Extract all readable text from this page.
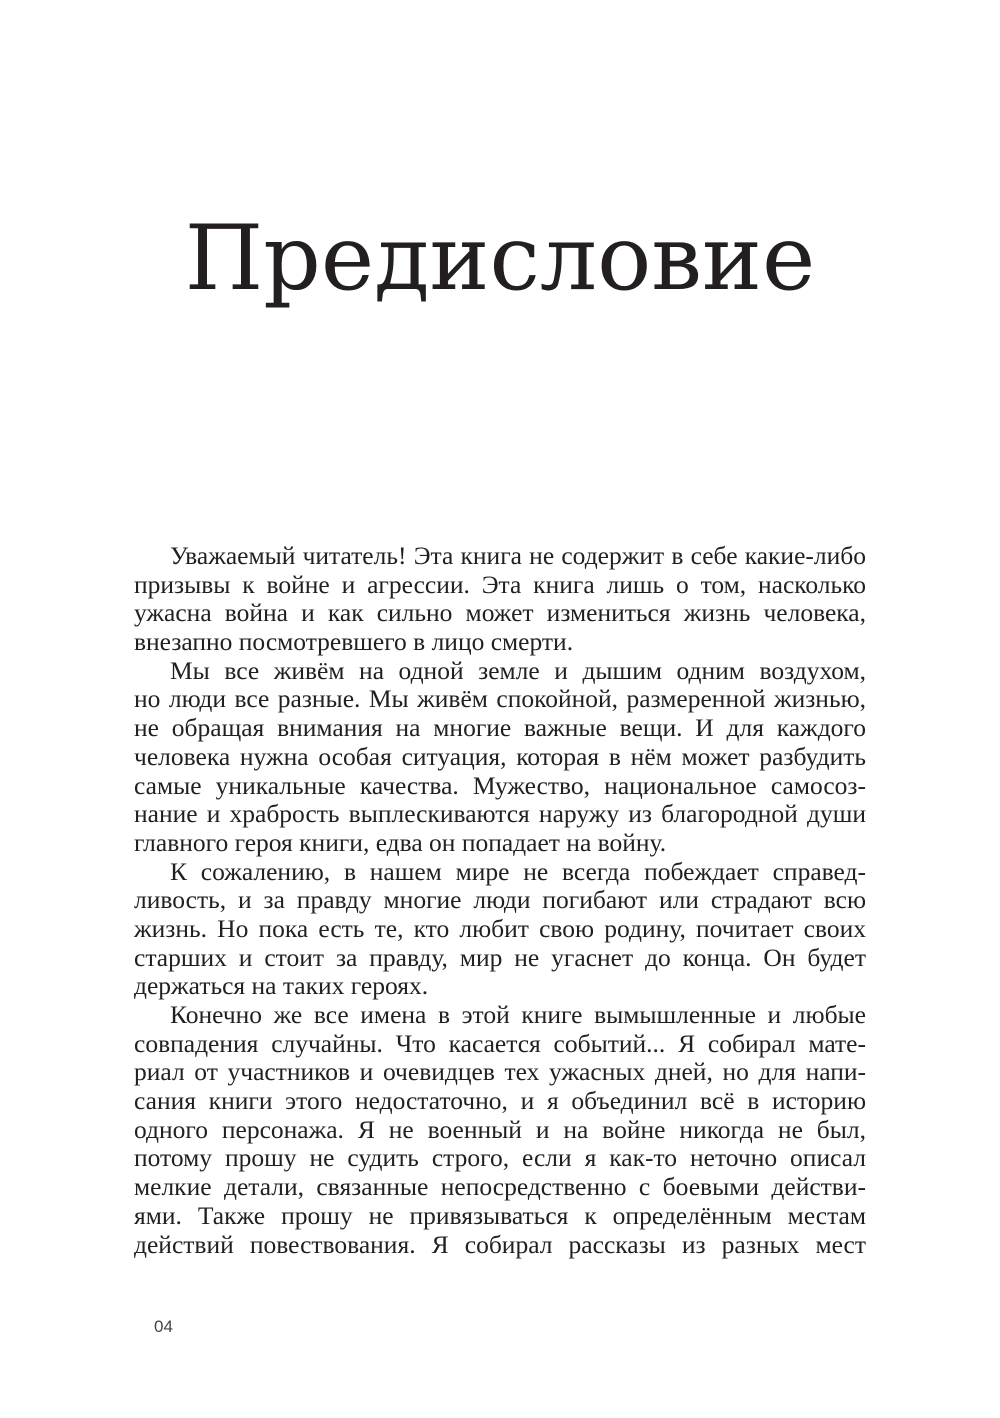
Предисловие
Уважаемый читатель! Эта книга не содержит в себе какие-либо
призывы к войне и агрессии. Эта книга лишь о том, насколько
ужасна война и как сильно может измениться жизнь человека,
внезапно посмотревшего в лицо смерти.
Мы все живём на одной земле и дышим одним воздухом,
но люди все разные. Мы живём спокойной, размеренной жизнью,
не обращая внимания на многие важные вещи. И для каждого
человека нужна особая ситуация, которая в нём может разбудить
самые уникальные качества. Мужество, национальное самосоз-
нание и храбрость выплескиваются наружу из благородной души
главного героя книги, едва он попадает на войну.
К сожалению, в нашем мире не всегда побеждает справед-
ливость, и за правду многие люди погибают или страдают всю
жизнь. Но пока есть те, кто любит свою родину, почитает своих
старших и стоит за правду, мир не угаснет до конца. Он будет
держаться на таких героях.
Конечно же все имена в этой книге вымышленные и любые
совпадения случайны. Что касается событий... Я собирал мате-
риал от участников и очевидцев тех ужасных дней, но для напи-
сания книги этого недостаточно, и я объединил всё в историю
одного персонажа. Я не военный и на войне никогда не был,
потому прошу не судить строго, если я как-то неточно описал
мелкие детали, связанные непосредственно с боевыми действи-
ями. Также прошу не привязываться к определённым местам
действий повествования. Я собирал рассказы из разных мест
04
